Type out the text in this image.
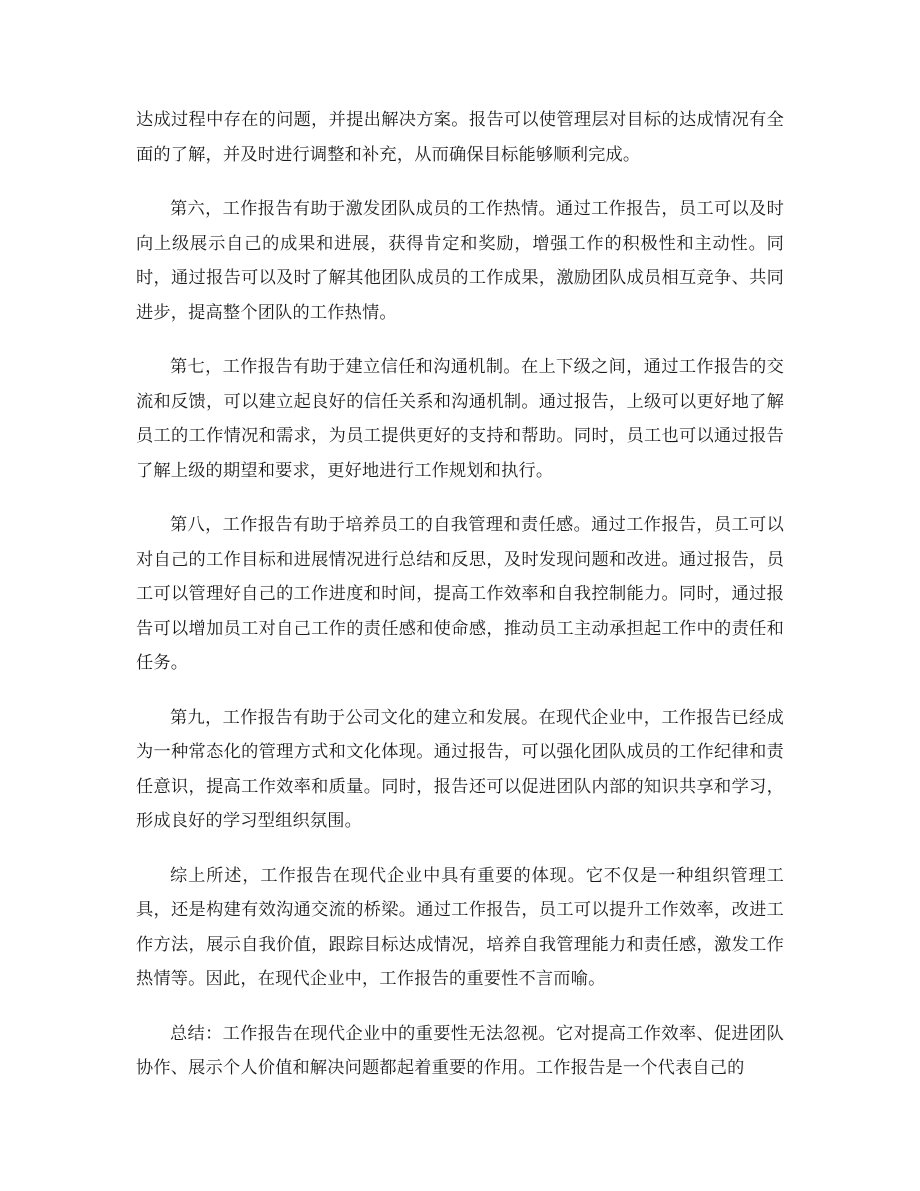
达成过程中存在的问题，并提出解决方案。报告可以使管理层对目标的达成情况有全面的了解，并及时进行调整和补充，从而确保目标能够顺利完成。

第六，工作报告有助于激发团队成员的工作热情。通过工作报告，员工可以及时向上级展示自己的成果和进展，获得肯定和奖励，增强工作的积极性和主动性。同时，通过报告可以及时了解其他团队成员的工作成果，激励团队成员相互竞争、共同进步，提高整个团队的工作热情。

第七，工作报告有助于建立信任和沟通机制。在上下级之间，通过工作报告的交流和反馈，可以建立起良好的信任关系和沟通机制。通过报告，上级可以更好地了解员工的工作情况和需求，为员工提供更好的支持和帮助。同时，员工也可以通过报告了解上级的期望和要求，更好地进行工作规划和执行。

第八，工作报告有助于培养员工的自我管理和责任感。通过工作报告，员工可以对自己的工作目标和进展情况进行总结和反思，及时发现问题和改进。通过报告，员工可以管理好自己的工作进度和时间，提高工作效率和自我控制能力。同时，通过报告可以增加员工对自己工作的责任感和使命感，推动员工主动承担起工作中的责任和任务。

第九，工作报告有助于公司文化的建立和发展。在现代企业中，工作报告已经成为一种常态化的管理方式和文化体现。通过报告，可以强化团队成员的工作纪律和责任意识，提高工作效率和质量。同时，报告还可以促进团队内部的知识共享和学习，形成良好的学习型组织氛围。

综上所述，工作报告在现代企业中具有重要的体现。它不仅是一种组织管理工具，还是构建有效沟通交流的桥梁。通过工作报告，员工可以提升工作效率，改进工作方法，展示自我价值，跟踪目标达成情况，培养自我管理能力和责任感，激发工作热情等。因此，在现代企业中，工作报告的重要性不言而喻。

总结：工作报告在现代企业中的重要性无法忽视。它对提高工作效率、促进团队协作、展示个人价值和解决问题都起着重要的作用。工作报告是一个代表自己的
